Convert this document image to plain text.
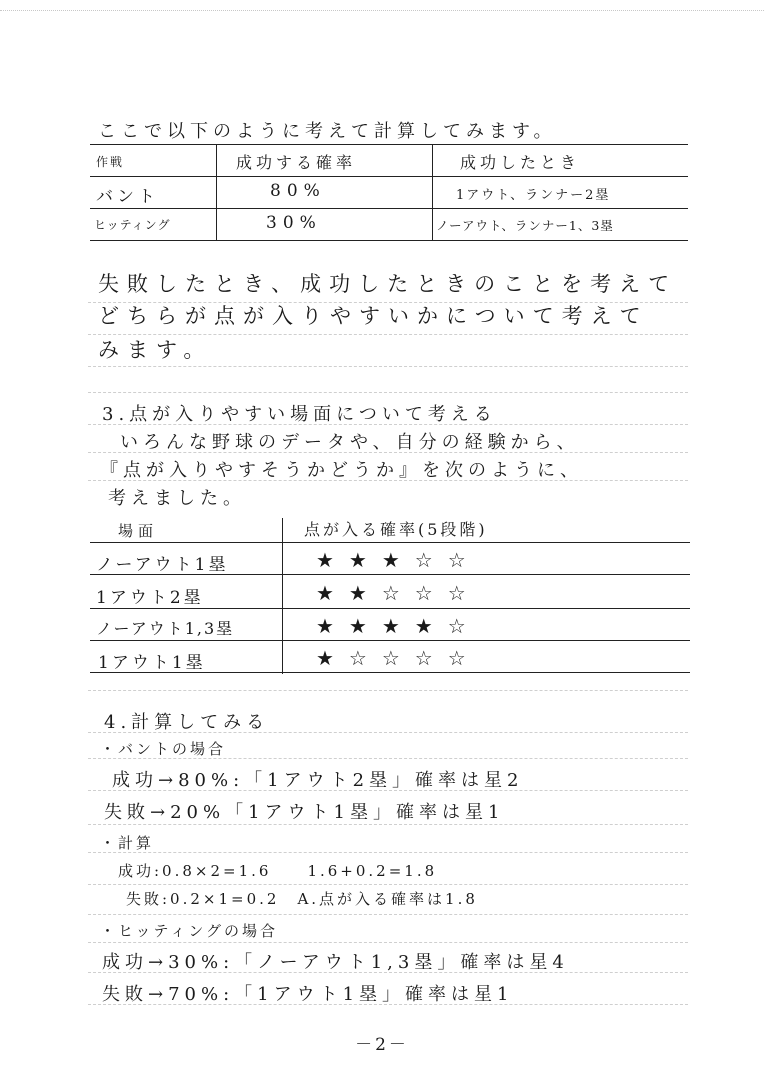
ここで以下のように考えて計算してみます。
作戦	成功する確率	成功したとき
バント	80%	1アウト、ランナー2塁
ヒッティング	30%	ノーアウト、ランナー1、3塁
失敗したとき、成功したときのことを考えて
どちらが点が入りやすいかについて考えて
みます。
3.点が入りやすい場面について考える
いろんな野球のデータや、自分の経験から、
『点が入りやすそうかどうか』を次のように、
考えました。
場面	点が入る確率(5段階)
ノーアウト1塁	★★★☆☆
1アウト2塁	★★☆☆☆
ノーアウト1,3塁	★★★★☆
1アウト1塁	★☆☆☆☆
4.計算してみる
・バントの場合
成功→80%:「1アウト2塁」確率は星2
失敗→20%「1アウト1塁」確率は星1
・計算
成功:0.8×2=1.6　　1.6+0.2=1.8
失敗:0.2×1=0.2　A.点が入る確率は1.8
・ヒッティングの場合
成功→30%:「ノーアウト1,3塁」確率は星4
失敗→70%:「1アウト1塁」確率は星1
－2－
